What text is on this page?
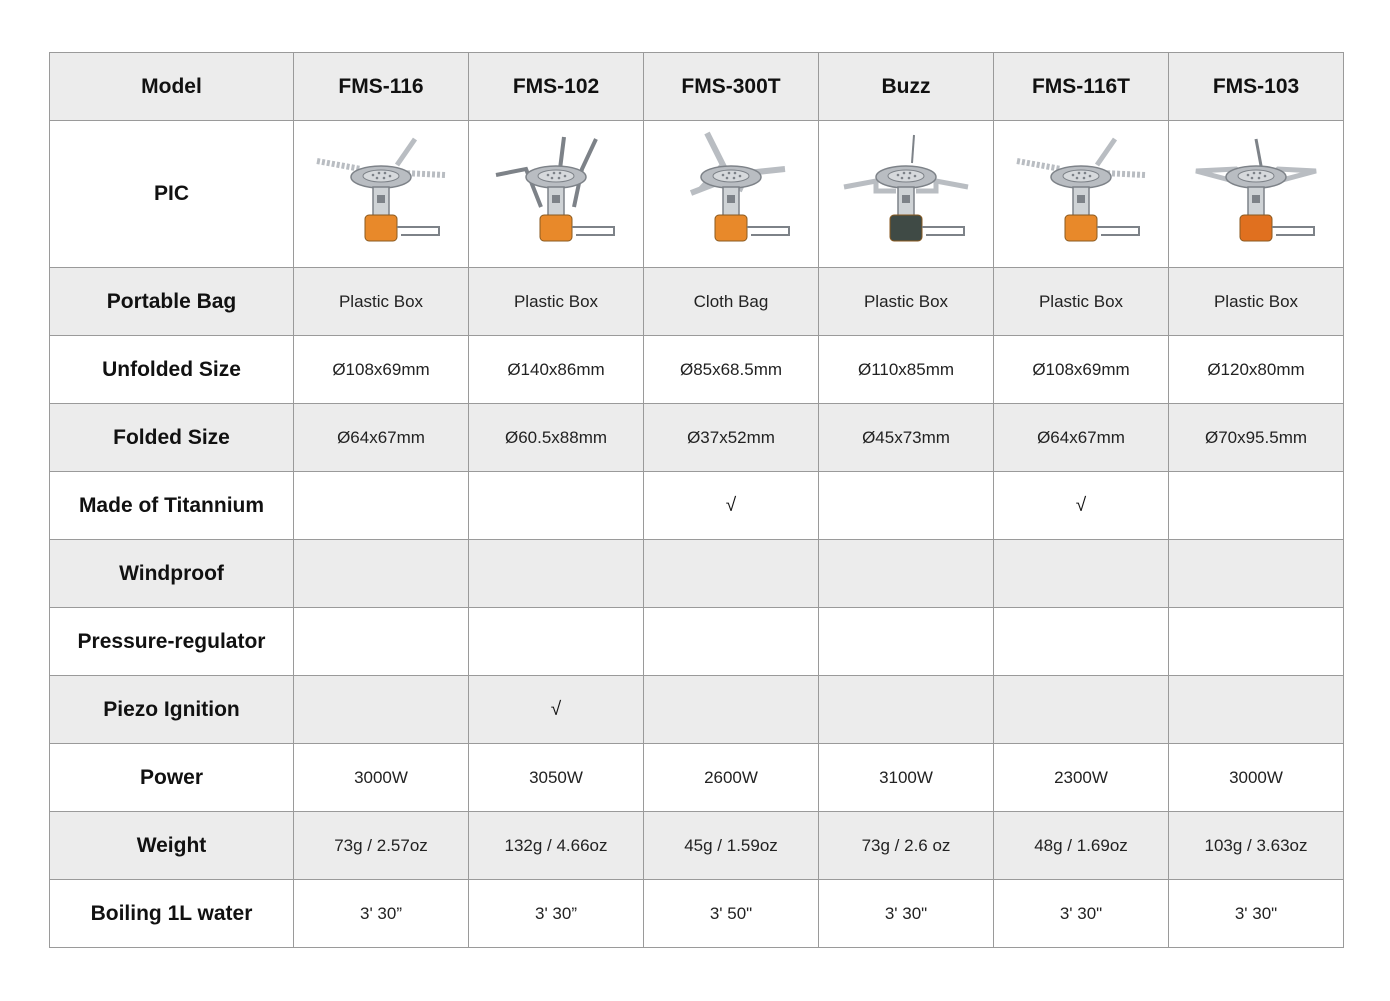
Model	FMS-116	FMS-102	FMS-300T	Buzz	FMS-116T	FMS-103
PIC	

Portable Bag	Plastic Box	Plastic Box	Cloth Bag	Plastic Box	Plastic Box	Plastic Box
Unfolded Size	Ø108x69mm	Ø140x86mm	Ø85x68.5mm	Ø110x85mm	Ø108x69mm	Ø120x80mm
Folded Size	Ø64x67mm	Ø60.5x88mm	Ø37x52mm	Ø45x73mm	Ø64x67mm	Ø70x95.5mm
Made of Titannium			√		√	
Windproof						
Pressure-regulator						
Piezo Ignition		√				
Power	3000W	3050W	2600W	3100W	2300W	3000W
Weight	73g / 2.57oz	132g / 4.66oz	45g / 1.59oz	73g / 2.6 oz	48g / 1.69oz	103g / 3.63oz
Boiling 1L water	3' 30”	3' 30”	3' 50"	3' 30"	3' 30"	3' 30"
